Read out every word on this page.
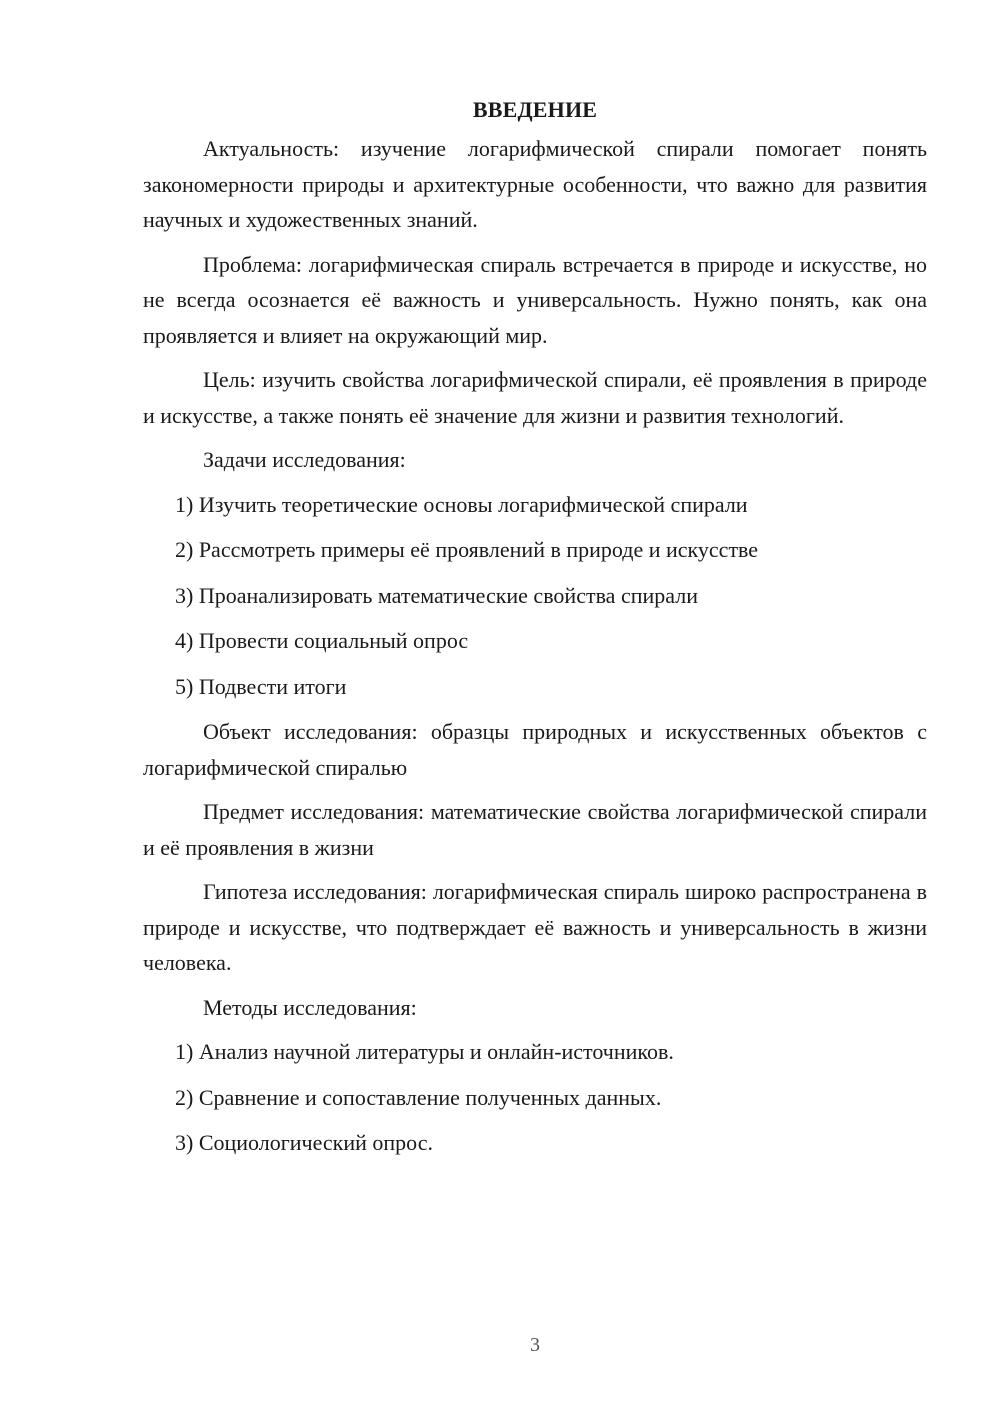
ВВЕДЕНИЕ

Актуальность: изучение логарифмической спирали помогает понять закономерности природы и архитектурные особенности, что важно для развития научных и художественных знаний.

Проблема: логарифмическая спираль встречается в природе и искусстве, но не всегда осознается её важность и универсальность. Нужно понять, как она проявляется и влияет на окружающий мир.

Цель: изучить свойства логарифмической спирали, её проявления в природе и искусстве, а также понять её значение для жизни и развития технологий.

Задачи исследования:

1) Изучить теоретические основы логарифмической спирали
2) Рассмотреть примеры её проявлений в природе и искусстве
3) Проанализировать математические свойства спирали
4) Провести социальный опрос
5) Подвести итоги

Объект исследования: образцы природных и искусственных объектов с логарифмической спиралью

Предмет исследования: математические свойства логарифмической спирали и её проявления в жизни

Гипотеза исследования: логарифмическая спираль широко распространена в природе и искусстве, что подтверждает её важность и универсальность в жизни человека.

Методы исследования:

1) Анализ научной литературы и онлайн-источников.
2) Сравнение и сопоставление полученных данных.
3) Социологический опрос.
3
